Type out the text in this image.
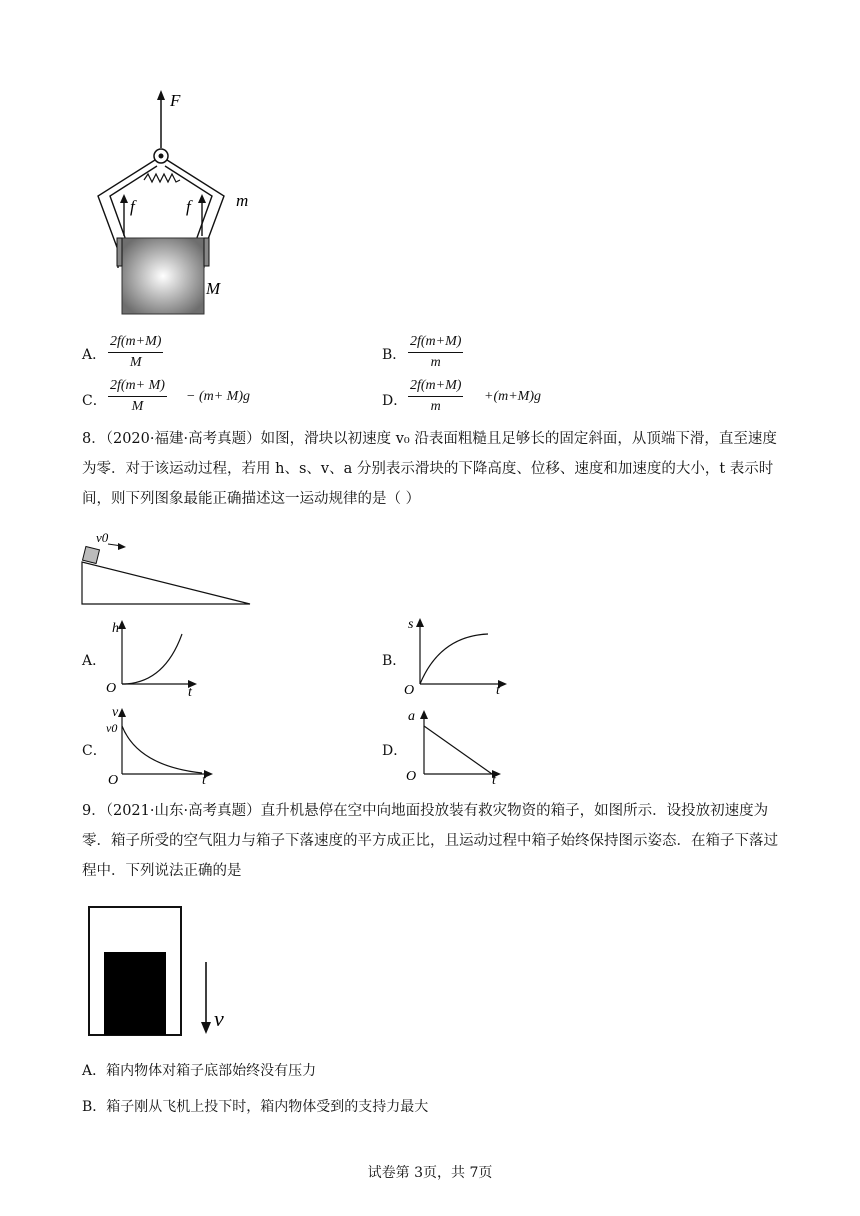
F
f	f	m
M
A． $\frac{2f(m+M)}{M}$	B． $\frac{2f(m+M)}{m}$
C． $\frac{2f(m+ M)}{M} - (m+ M)g$	D． $\frac{2f(m+M)}{m} +(m+M)g$
8．（2020·福建·高考真题）如图，滑块以初速度 v₀ 沿表面粗糙且足够长的固定斜面，从顶端下滑，直至速度为零．对于该运动过程，若用 h、s、v、a 分别表示滑块的下降高度、位移、速度和加速度的大小，t 表示时间，则下列图象最能正确描述这一运动规律的是（ ）
v0
A．
h
t
O
B．
s
t
O
C．
v
v0
t
O
D．
a
t
O
9．（2021·山东·高考真题）直升机悬停在空中向地面投放装有救灾物资的箱子，如图所示．设投放初速度为零．箱子所受的空气阻力与箱子下落速度的平方成正比，且运动过程中箱子始终保持图示姿态．在箱子下落过程中．下列说法正确的是
v
A．箱内物体对箱子底部始终没有压力
B．箱子刚从飞机上投下时，箱内物体受到的支持力最大
试卷第 3页，共 7页
